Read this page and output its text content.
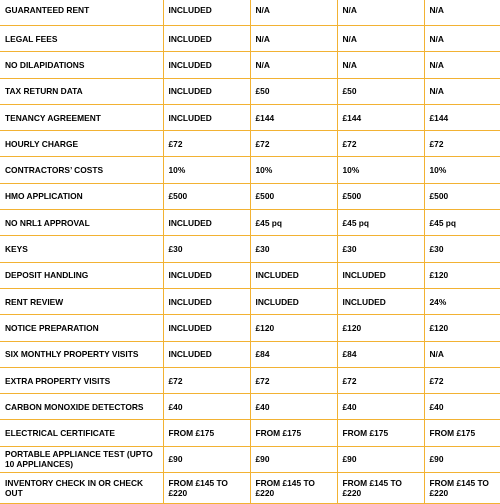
GUARANTEED RENT	INCLUDED	N/A	N/A	N/A
LEGAL FEES	INCLUDED	N/A	N/A	N/A
NO DILAPIDATIONS	INCLUDED	N/A	N/A	N/A
TAX RETURN DATA	INCLUDED	£50	£50	N/A
TENANCY AGREEMENT	INCLUDED	£144	£144	£144
HOURLY CHARGE	£72	£72	£72	£72
CONTRACTORS’ COSTS	10%	10%	10%	10%
HMO APPLICATION	£500	£500	£500	£500
NO NRL1 APPROVAL	INCLUDED	£45 pq	£45 pq	£45 pq
KEYS	£30	£30	£30	£30
DEPOSIT HANDLING	INCLUDED	INCLUDED	INCLUDED	£120
RENT REVIEW	INCLUDED	INCLUDED	INCLUDED	24%
NOTICE PREPARATION	INCLUDED	£120	£120	£120
SIX MONTHLY PROPERTY VISITS	INCLUDED	£84	£84	N/A
EXTRA PROPERTY VISITS	£72	£72	£72	£72
CARBON MONOXIDE DETECTORS	£40	£40	£40	£40
ELECTRICAL CERTIFICATE	FROM £175	FROM £175	FROM £175	FROM £175
PORTABLE APPLIANCE TEST (UPTO 10 APPLIANCES)	£90	£90	£90	£90
INVENTORY CHECK IN OR CHECK OUT	FROM £145 TO £220	FROM £145 TO £220	FROM £145 TO £220	FROM £145 TO £220
